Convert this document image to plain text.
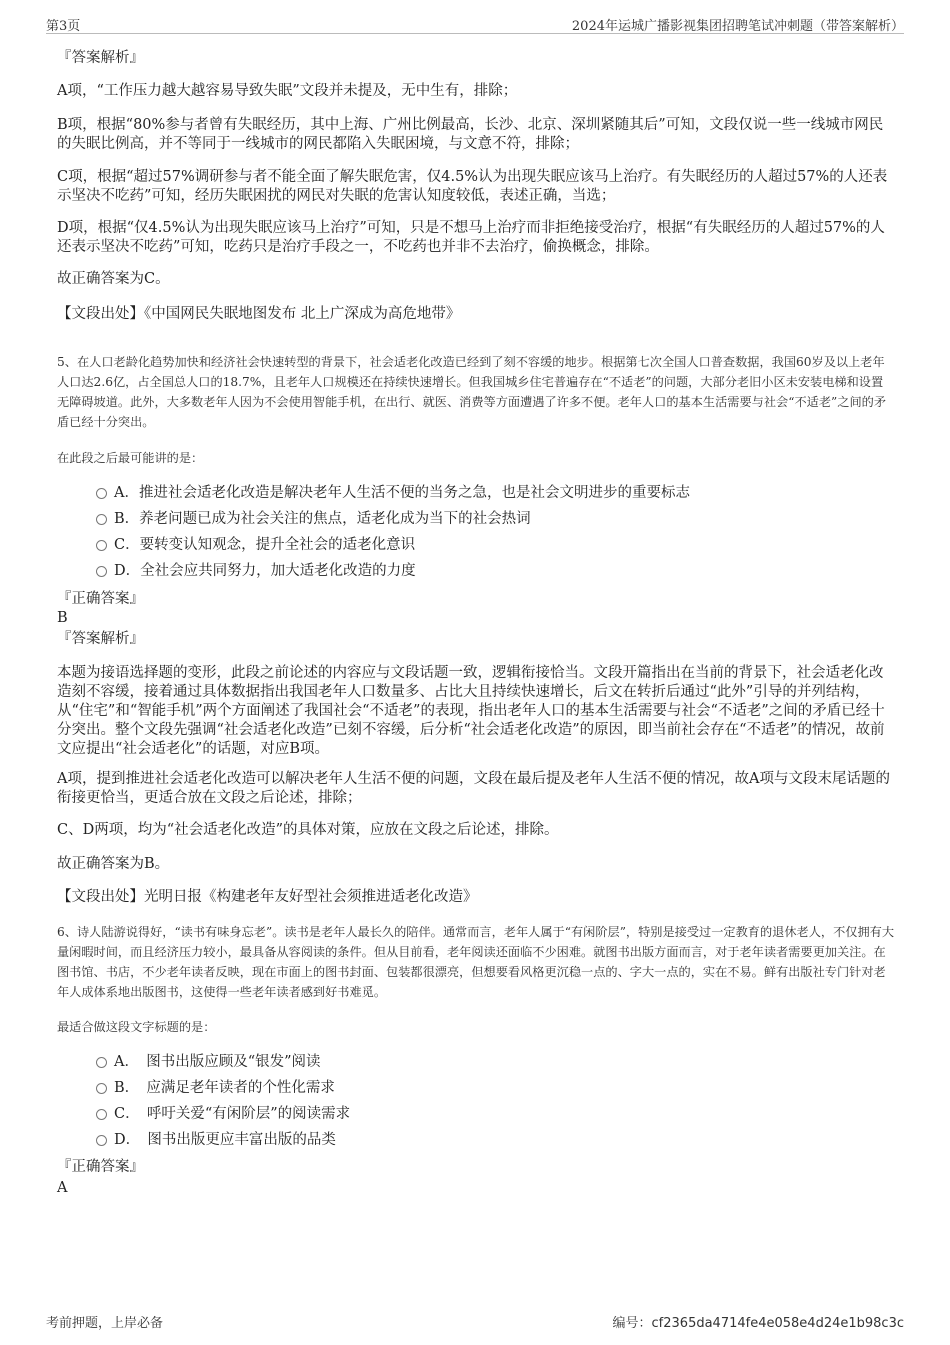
第3页	2024年运城广播影视集团招聘笔试冲刺题（带答案解析）
『答案解析』
A项，“工作压力越大越容易导致失眠”文段并未提及，无中生有，排除；
B项，根据“80%参与者曾有失眠经历，其中上海、广州比例最高，长沙、北京、深圳紧随其后”可知，文段仅说一些一线城市网民的失眠比例高，并不等同于一线城市的网民都陷入失眠困境，与文意不符，排除；
C项，根据“超过57%调研参与者不能全面了解失眠危害，仅4.5%认为出现失眠应该马上治疗。有失眠经历的人超过57%的人还表示坚决不吃药”可知，经历失眠困扰的网民对失眠的危害认知度较低，表述正确，当选；
D项，根据“仅4.5%认为出现失眠应该马上治疗”可知，只是不想马上治疗而非拒绝接受治疗，根据“有失眠经历的人超过57%的人还表示坚决不吃药”可知，吃药只是治疗手段之一，不吃药也并非不去治疗，偷换概念，排除。
故正确答案为C。
【文段出处】《中国网民失眠地图发布 北上广深成为高危地带》
5、在人口老龄化趋势加快和经济社会快速转型的背景下，社会适老化改造已经到了刻不容缓的地步。根据第七次全国人口普查数据，我国60岁及以上老年人口达2.6亿，占全国总人口的18.7%，且老年人口规模还在持续快速增长。但我国城乡住宅普遍存在“不适老”的问题，大部分老旧小区未安装电梯和设置无障碍坡道。此外，大多数老年人因为不会使用智能手机，在出行、就医、消费等方面遭遇了许多不便。老年人口的基本生活需要与社会“不适老”之间的矛盾已经十分突出。
在此段之后最可能讲的是：
A．推进社会适老化改造是解决老年人生活不便的当务之急，也是社会文明进步的重要标志
B．养老问题已成为社会关注的焦点，适老化成为当下的社会热词
C．要转变认知观念，提升全社会的适老化意识
D．全社会应共同努力，加大适老化改造的力度
『正确答案』
B
『答案解析』
本题为接语选择题的变形，此段之前论述的内容应与文段话题一致，逻辑衔接恰当。文段开篇指出在当前的背景下，社会适老化改造刻不容缓，接着通过具体数据指出我国老年人口数量多、占比大且持续快速增长，后文在转折后通过“此外”引导的并列结构，从“住宅”和“智能手机”两个方面阐述了我国社会“不适老”的表现，指出老年人口的基本生活需要与社会“不适老”之间的矛盾已经十分突出。整个文段先强调“社会适老化改造”已刻不容缓，后分析“社会适老化改造”的原因，即当前社会存在“不适老”的情况，故前文应提出“社会适老化”的话题，对应B项。
A项，提到推进社会适老化改造可以解决老年人生活不便的问题，文段在最后提及老年人生活不便的情况，故A项与文段末尾话题的衔接更恰当，更适合放在文段之后论述，排除；
C、D两项，均为“社会适老化改造”的具体对策，应放在文段之后论述，排除。
故正确答案为B。
【文段出处】光明日报《构建老年友好型社会须推进适老化改造》
6、诗人陆游说得好，“读书有味身忘老”。读书是老年人最长久的陪伴。通常而言，老年人属于“有闲阶层”，特别是接受过一定教育的退休老人，不仅拥有大量闲暇时间，而且经济压力较小，最具备从容阅读的条件。但从目前看，老年阅读还面临不少困难。就图书出版方面而言，对于老年读者需要更加关注。在图书馆、书店，不少老年读者反映，现在市面上的图书封面、包装都很漂亮，但想要看风格更沉稳一点的、字大一点的，实在不易。鲜有出版社专门针对老年人成体系地出版图书，这使得一些老年读者感到好书难觅。
最适合做这段文字标题的是：
A．　图书出版应顾及“银发”阅读
B．　应满足老年读者的个性化需求
C．　呼吁关爱“有闲阶层”的阅读需求
D．　图书出版更应丰富出版的品类
『正确答案』
A
考前押题，上岸必备	编号：cf2365da4714fe4e058e4d24e1b98c3c
